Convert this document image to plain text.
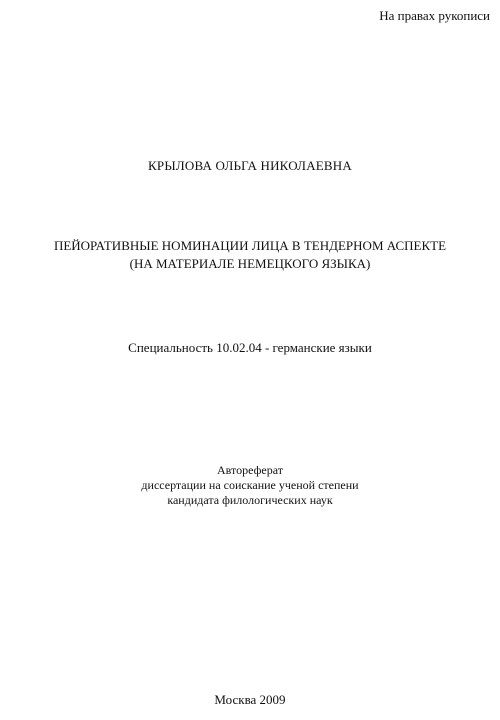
На правах рукописи
КРЫЛОВА ОЛЬГА НИКОЛАЕВНА
ПЕЙОРАТИВНЫЕ НОМИНАЦИИ ЛИЦА В ТЕНДЕРНОМ АСПЕКТЕ
(НА МАТЕРИАЛЕ НЕМЕЦКОГО ЯЗЫКА)
Специальность 10.02.04 - германские языки
Автореферат
диссертации на соискание ученой степени
кандидата филологических наук
Москва 2009
